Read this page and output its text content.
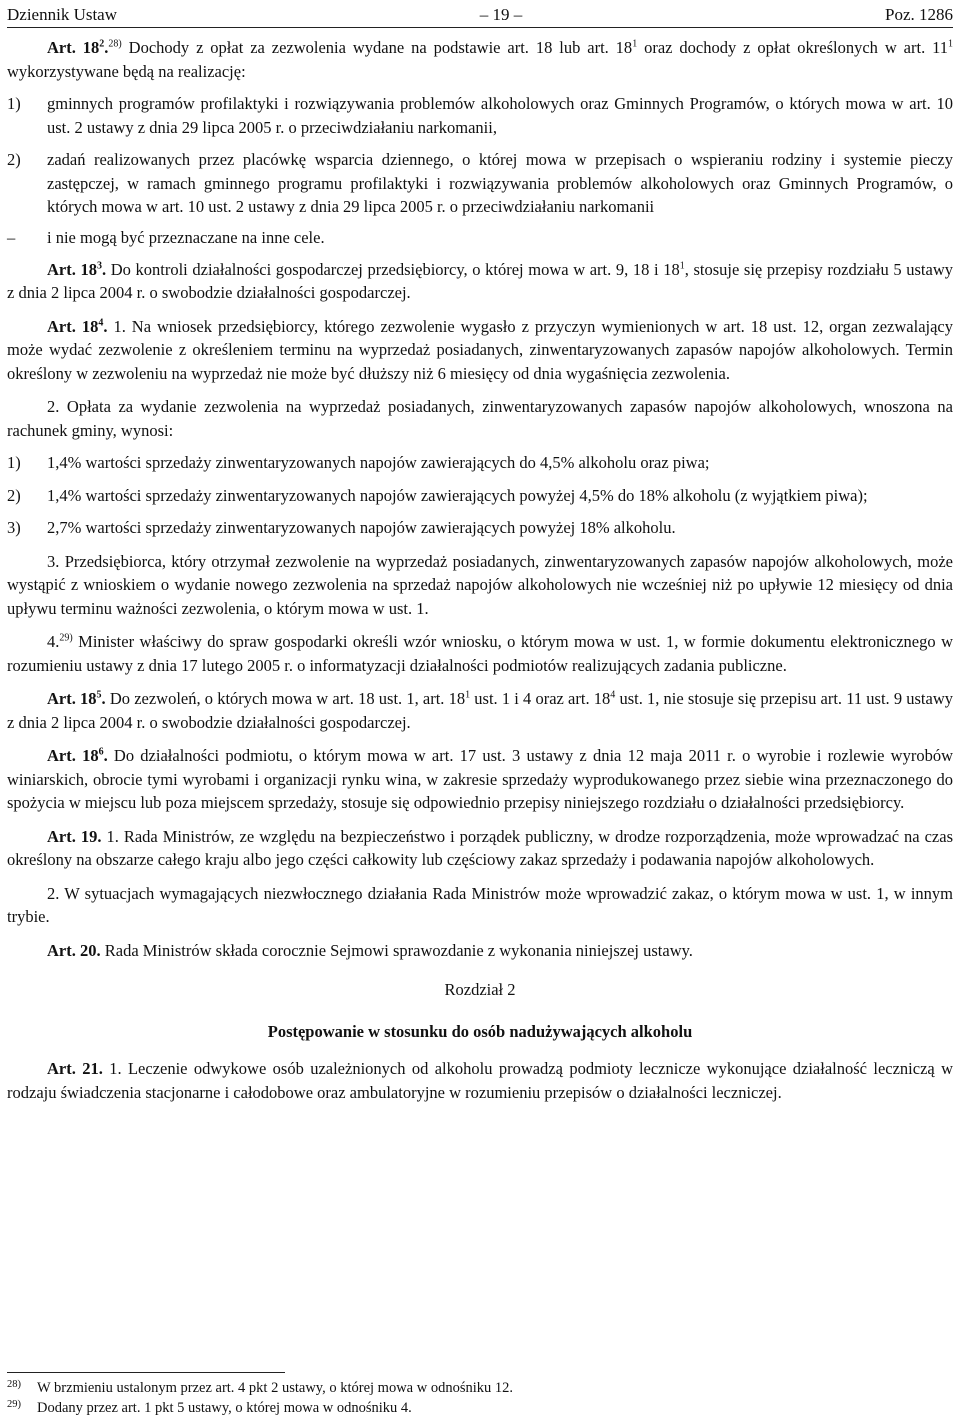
Dziennik Ustaw	– 19 –	Poz. 1286

Art. $18^2.^{28)}$ Dochody z opłat za zezwolenia wydane na podstawie art. 18 lub art. $18^1$ oraz dochody z opłat określonych w art. $11^1$ wykorzystywane będą na realizację:

1)	gminnych programów profilaktyki i rozwiązywania problemów alkoholowych oraz Gminnych Programów, o których mowa w art. 10 ust. 2 ustawy z dnia 29 lipca 2005 r. o przeciwdziałaniu narkomanii,
2)	zadań realizowanych przez placówkę wsparcia dziennego, o której mowa w przepisach o wspieraniu rodziny i systemie pieczy zastępczej, w ramach gminnego programu profilaktyki i rozwiązywania problemów alkoholowych oraz Gminnych Programów, o których mowa w art. 10 ust. 2 ustawy z dnia 29 lipca 2005 r. o przeciwdziałaniu narkomanii
–	i nie mogą być przeznaczane na inne cele.

Art. $18^3$. Do kontroli działalności gospodarczej przedsiębiorcy, o której mowa w art. 9, 18 i $18^1$, stosuje się przepisy rozdziału 5 ustawy z dnia 2 lipca 2004 r. o swobodzie działalności gospodarczej.

Art. $18^4$. 1. Na wniosek przedsiębiorcy, którego zezwolenie wygasło z przyczyn wymienionych w art. 18 ust. 12, organ zezwalający może wydać zezwolenie z określeniem terminu na wyprzedaż posiadanych, zinwentaryzowanych zapasów napojów alkoholowych. Termin określony w zezwoleniu na wyprzedaż nie może być dłuższy niż 6 miesięcy od dnia wygaśnięcia zezwolenia.

2. Opłata za wydanie zezwolenia na wyprzedaż posiadanych, zinwentaryzowanych zapasów napojów alkoholowych, wnoszona na rachunek gminy, wynosi:

1)	1,4% wartości sprzedaży zinwentaryzowanych napojów zawierających do 4,5% alkoholu oraz piwa;
2)	1,4% wartości sprzedaży zinwentaryzowanych napojów zawierających powyżej 4,5% do 18% alkoholu (z wyjątkiem piwa);
3)	2,7% wartości sprzedaży zinwentaryzowanych napojów zawierających powyżej 18% alkoholu.

3. Przedsiębiorca, który otrzymał zezwolenie na wyprzedaż posiadanych, zinwentaryzowanych zapasów napojów alkoholowych, może wystąpić z wnioskiem o wydanie nowego zezwolenia na sprzedaż napojów alkoholowych nie wcześniej niż po upływie 12 miesięcy od dnia upływu terminu ważności zezwolenia, o którym mowa w ust. 1.

4.$^{29)}$ Minister właściwy do spraw gospodarki określi wzór wniosku, o którym mowa w ust. 1, w formie dokumentu elektronicznego w rozumieniu ustawy z dnia 17 lutego 2005 r. o informatyzacji działalności podmiotów realizujących zadania publiczne.

Art. $18^5$. Do zezwoleń, o których mowa w art. 18 ust. 1, art. $18^1$ ust. 1 i 4 oraz art. $18^4$ ust. 1, nie stosuje się przepisu art. 11 ust. 9 ustawy z dnia 2 lipca 2004 r. o swobodzie działalności gospodarczej.

Art. $18^6$. Do działalności podmiotu, o którym mowa w art. 17 ust. 3 ustawy z dnia 12 maja 2011 r. o wyrobie i rozlewie wyrobów winiarskich, obrocie tymi wyrobami i organizacji rynku wina, w zakresie sprzedaży wyprodukowanego przez siebie wina przeznaczonego do spożycia w miejscu lub poza miejscem sprzedaży, stosuje się odpowiednio przepisy niniejszego rozdziału o działalności przedsiębiorcy.

Art. 19. 1. Rada Ministrów, ze względu na bezpieczeństwo i porządek publiczny, w drodze rozporządzenia, może wprowadzać na czas określony na obszarze całego kraju albo jego części całkowity lub częściowy zakaz sprzedaży i podawania napojów alkoholowych.

2. W sytuacjach wymagających niezwłocznego działania Rada Ministrów może wprowadzić zakaz, o którym mowa w ust. 1, w innym trybie.

Art. 20. Rada Ministrów składa corocznie Sejmowi sprawozdanie z wykonania niniejszej ustawy.

Rozdział 2

Postępowanie w stosunku do osób nadużywających alkoholu

Art. 21. 1. Leczenie odwykowe osób uzależnionych od alkoholu prowadzą podmioty lecznicze wykonujące działalność leczniczą w rodzaju świadczenia stacjonarne i całodobowe oraz ambulatoryjne w rozumieniu przepisów o działalności leczniczej.

28)	W brzmieniu ustalonym przez art. 4 pkt 2 ustawy, o której mowa w odnośniku 12.
29)	Dodany przez art. 1 pkt 5 ustawy, o której mowa w odnośniku 4.
